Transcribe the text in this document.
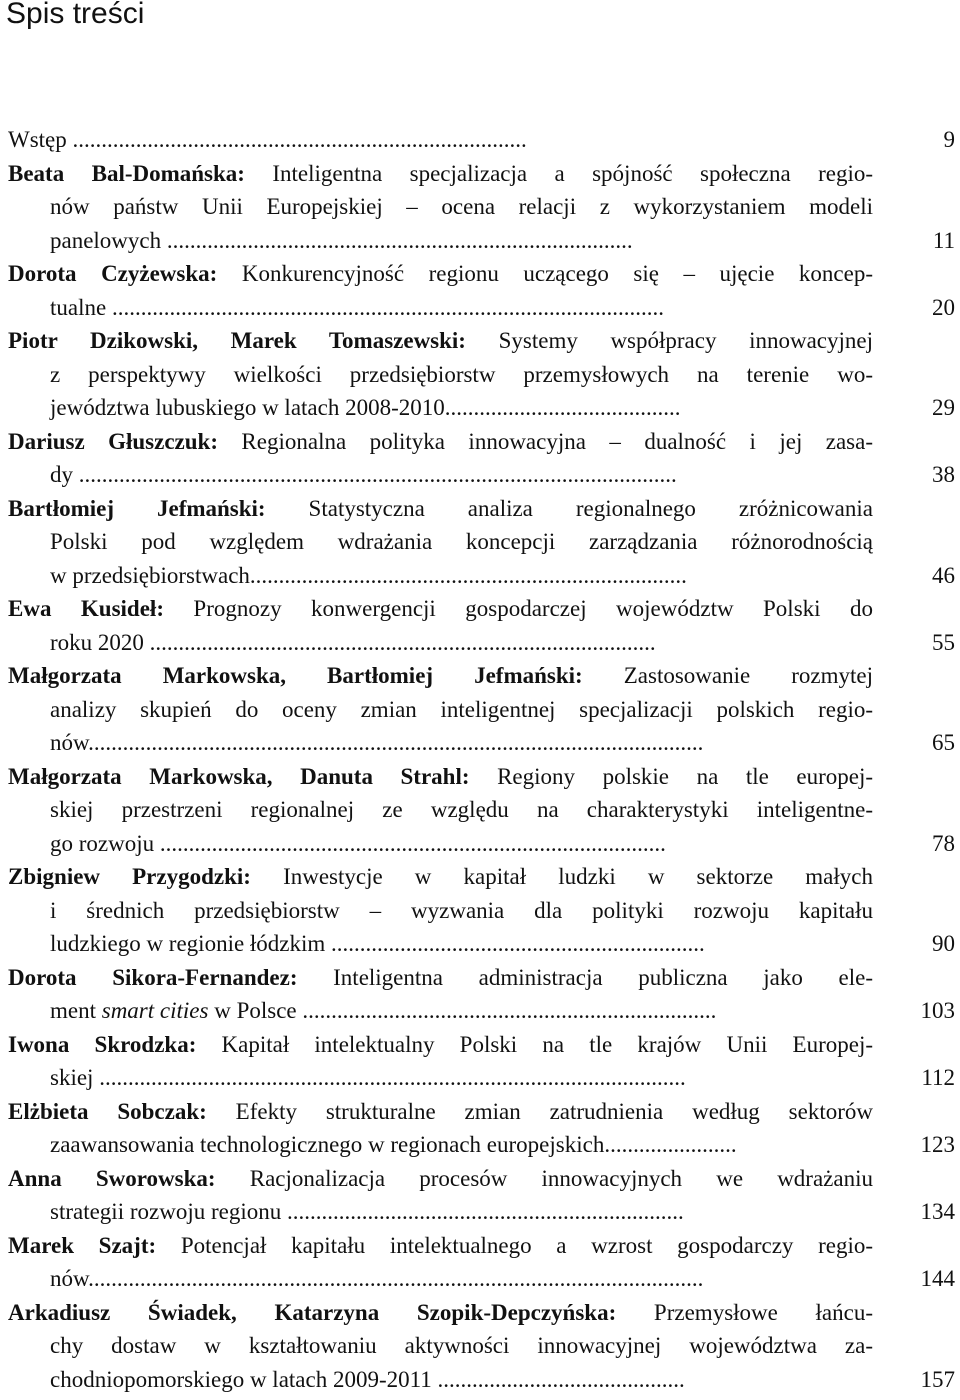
Spis treści
Wstęp ...............................................................................	9
Beata Bal-Domańska: Inteligentna specjalizacja a spójność społeczna regio-
nów państw Unii Europejskiej – ocena relacji z wykorzystaniem modeli
panelowych .................................................................................	11
Dorota Czyżewska: Konkurencyjność regionu uczącego się – ujęcie koncep-
tualne ................................................................................................	20
Piotr Dzikowski, Marek Tomaszewski: Systemy współpracy innowacyjnej
z perspektywy wielkości przedsiębiorstw przemysłowych na terenie wo-
jewództwa lubuskiego w latach 2008-2010.........................................	29
Dariusz Głuszczuk: Regionalna polityka innowacyjna – dualność i jej zasa-
dy ........................................................................................................	38
Bartłomiej Jefmański: Statystyczna analiza regionalnego zróżnicowania
Polski pod względem wdrażania koncepcji zarządzania różnorodnością
w przedsiębiorstwach............................................................................	46
Ewa Kusideł: Prognozy konwergencji gospodarczej województw Polski do
roku 2020 ........................................................................................	55
Małgorzata Markowska, Bartłomiej Jefmański: Zastosowanie rozmytej
analizy skupień do oceny zmian inteligentnej specjalizacji polskich regio-
nów...........................................................................................................	65
Małgorzata Markowska, Danuta Strahl: Regiony polskie na tle europej-
skiej przestrzeni regionalnej ze względu na charakterystyki inteligentne-
go rozwoju ........................................................................................	78
Zbigniew Przygodzki: Inwestycje w kapitał ludzki w sektorze małych
i średnich przedsiębiorstw – wyzwania dla polityki rozwoju kapitału
ludzkiego w regionie łódzkim .................................................................	90
Dorota Sikora-Fernandez: Inteligentna administracja publiczna jako ele-
ment smart cities w Polsce ........................................................................	103
Iwona Skrodzka: Kapitał intelektualny Polski na tle krajów Unii Europej-
skiej ......................................................................................................	112
Elżbieta Sobczak: Efekty strukturalne zmian zatrudnienia według sektorów
zaawansowania technologicznego w regionach europejskich.......................	123
Anna Sworowska: Racjonalizacja procesów innowacyjnych we wdrażaniu
strategii rozwoju regionu .....................................................................	134
Marek Szajt: Potencjał kapitału intelektualnego a wzrost gospodarczy regio-
nów...........................................................................................................	144
Arkadiusz Świadek, Katarzyna Szopik-Depczyńska: Przemysłowe łańcu-
chy dostaw w kształtowaniu aktywności innowacyjnej województwa za-
chodniopomorskiego w latach 2009-2011 ...........................................	157
